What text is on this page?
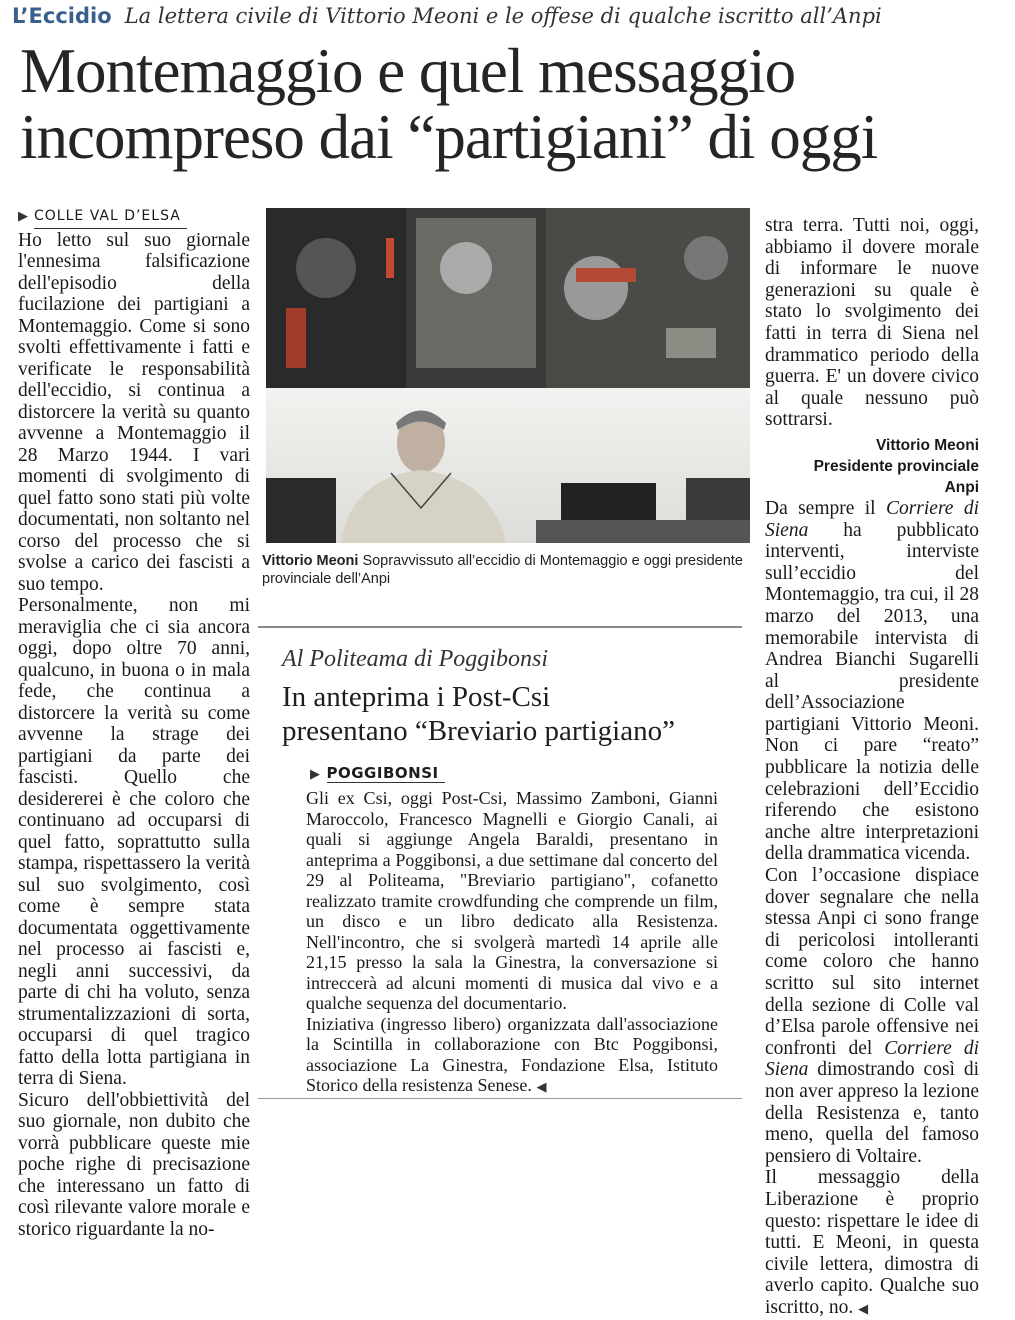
L’Eccidio La lettera civile di Vittorio Meoni e le offese di qualche iscritto all’Anpi
Montemaggio e quel messaggio
incompreso dai “partigiani” di oggi
▶ COLLE VAL D’ELSA

Ho letto sul suo giornale l'ennesima falsificazione dell'episodio della fucilazione dei partigiani a Montemaggio. Come si sono svolti effettivamente i fatti e verificate le responsabilità dell'eccidio, si continua a distorcere la verità su quanto avvenne a Montemaggio il 28 Marzo 1944. I vari momenti di svolgimento di quel fatto sono stati più volte documentati, non soltanto nel corso del processo che si svolse a carico dei fascisti a suo tempo.

Personalmente, non mi meraviglia che ci sia ancora oggi, dopo oltre 70 anni, qualcuno, in buona o in mala fede, che continua a distorcere la verità su come avvenne la strage dei partigiani da parte dei fascisti. Quello che desidererei è che coloro che continuano ad occuparsi di quel fatto, soprattutto sulla stampa, rispettassero la verità sul suo svolgimento, così come è sempre stata documentata oggettivamente nel processo ai fascisti e, negli anni successivi, da parte di chi ha voluto, senza strumentalizzazioni di sorta, occuparsi di quel tragico fatto della lotta partigiana in terra di Siena.

Sicuro dell'obbiettività del suo giornale, non dubito che vorrà pubblicare queste mie poche righe di precisazione che interessano un fatto di così rilevante valore morale e storico riguardante la no-

Vittorio Meoni Sopravvissuto all’eccidio di Montemaggio e oggi presidente provinciale dell’Anpi

stra terra. Tutti noi, oggi, abbiamo il dovere morale di informare le nuove generazioni su quale è stato lo svolgimento dei fatti in terra di Siena nel drammatico periodo della guerra. E' un dovere civico al quale nessuno può sottrarsi.

Vittorio Meoni
Presidente provinciale
Anpi

Da sempre il Corriere di Siena ha pubblicato interventi, interviste sull’eccidio del Montemaggio, tra cui, il 28 marzo del 2013, una memorabile intervista di Andrea Bianchi Sugarelli al presidente dell’Associazione partigiani Vittorio Meoni. Non ci pare “reato” pubblicare la notizia delle celebrazioni dell’Eccidio riferendo che esistono anche altre interpretazioni della drammatica vicenda.

Con l’occasione dispiace dover segnalare che nella stessa Anpi ci sono frange di pericolosi intolleranti come coloro che hanno scritto sul sito internet della sezione di Colle val d’Elsa parole offensive nei confronti del Corriere di Siena dimostrando così di non aver appreso la lezione della Resistenza e, tanto meno, quella del famoso pensiero di Voltaire.

Il messaggio della Liberazione è proprio questo: rispettare le idee di tutti. E Meoni, in questa civile lettera, dimostra di averlo capito. Qualche suo iscritto, no. ◀

Al Politeama di Poggibonsi
In anteprima i Post-Csi
presentano “Breviario partigiano”
▶ POGGIBONSI

Gli ex Csi, oggi Post-Csi, Massimo Zamboni, Gianni Maroccolo, Francesco Magnelli e Giorgio Canali, ai quali si aggiunge Angela Baraldi, presentano in anteprima a Poggibonsi, a due settimane dal concerto del 29 al Politeama, "Breviario partigiano", cofanetto realizzato tramite crowdfunding che comprende un film, un disco e un libro dedicato alla Resistenza. Nell'incontro, che si svolgerà martedì 14 aprile alle 21,15 presso la sala la Ginestra, la conversazione si intreccerà ad alcuni momenti di musica dal vivo e a qualche sequenza del documentario.

Iniziativa (ingresso libero) organizzata dall'associazione la Scintilla in collaborazione con Btc Poggibonsi, associazione La Ginestra, Fondazione Elsa, Istituto Storico della resistenza Senese. ◀
